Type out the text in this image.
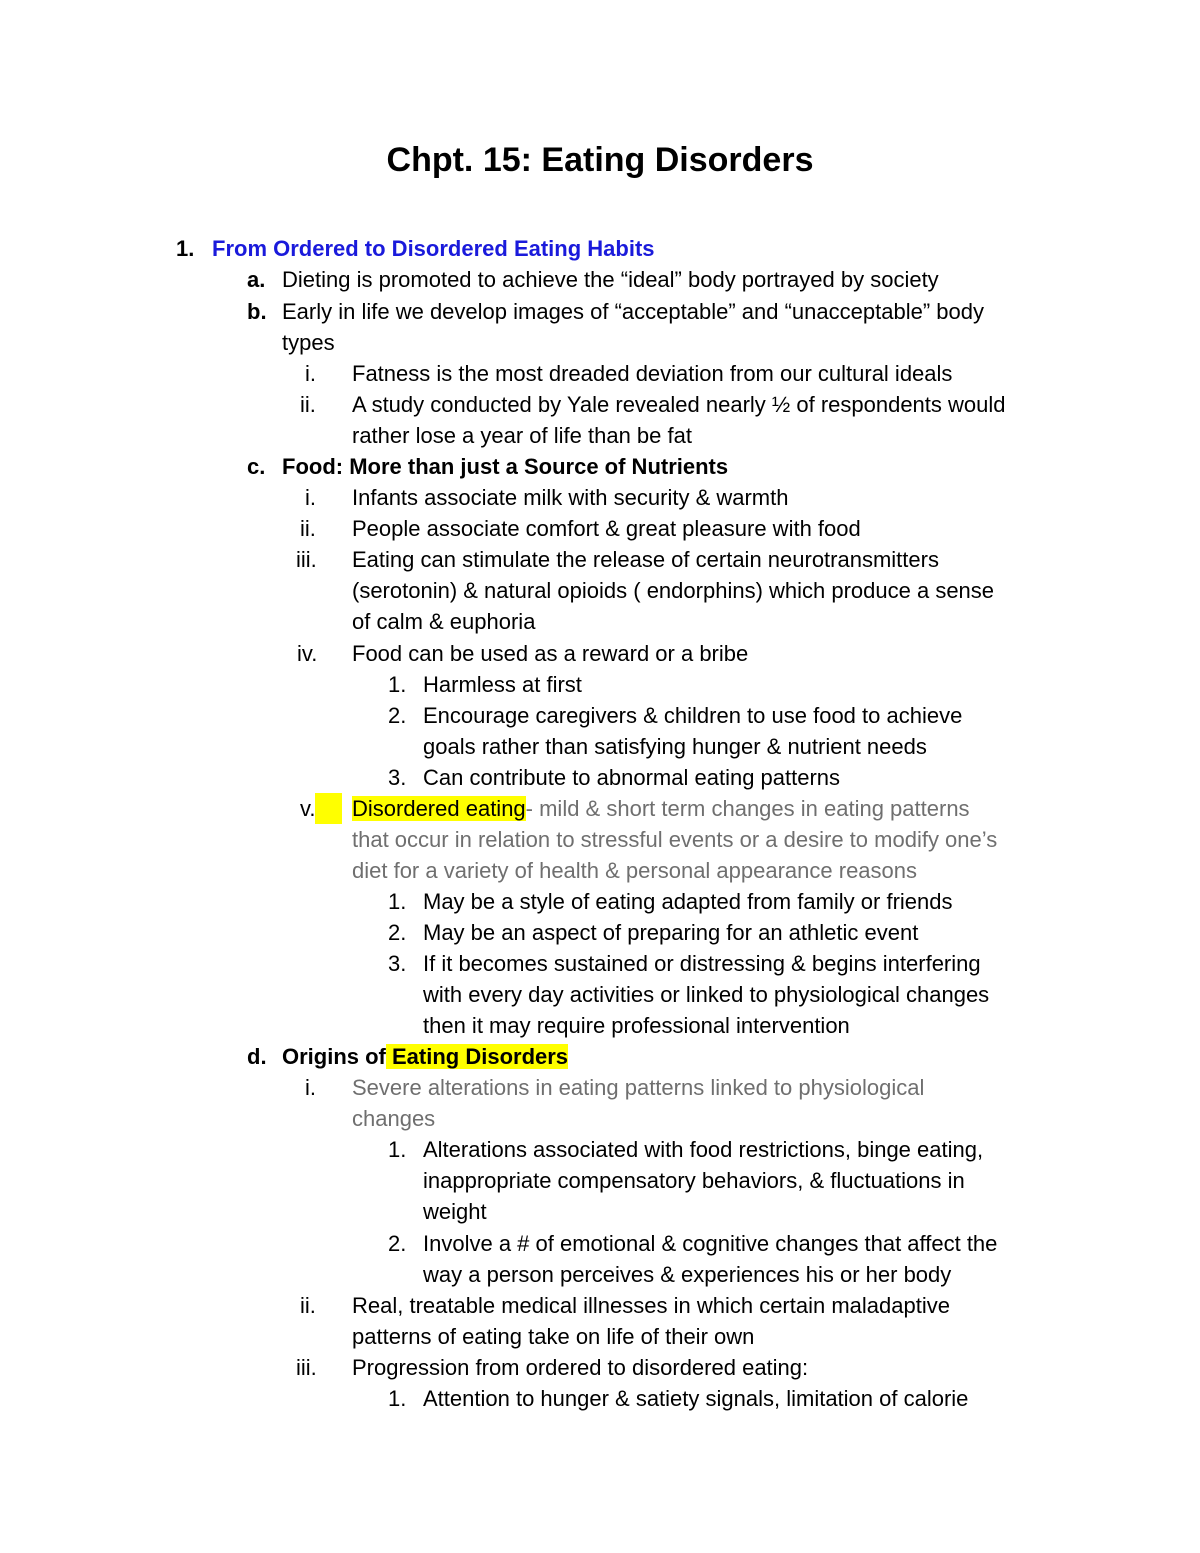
Chpt. 15: Eating Disorders
1. From Ordered to Disordered Eating Habits
a. Dieting is promoted to achieve the “ideal” body portrayed by society
b. Early in life we develop images of “acceptable” and “unacceptable” body
types
i. Fatness is the most dreaded deviation from our cultural ideals
ii. A study conducted by Yale revealed nearly ½ of respondents would
rather lose a year of life than be fat
c. Food: More than just a Source of Nutrients
i. Infants associate milk with security & warmth
ii. People associate comfort & great pleasure with food
iii. Eating can stimulate the release of certain neurotransmitters
(serotonin) & natural opioids ( endorphins) which produce a sense
of calm & euphoria
iv. Food can be used as a reward or a bribe
1. Harmless at first
2. Encourage caregivers & children to use food to achieve
goals rather than satisfying hunger & nutrient needs
3. Can contribute to abnormal eating patterns
v.	Disordered eating- mild & short term changes in eating patterns
that occur in relation to stressful events or a desire to modify one’s
diet for a variety of health & personal appearance reasons
1. May be a style of eating adapted from family or friends
2. May be an aspect of preparing for an athletic event
3. If it becomes sustained or distressing & begins interfering
with every day activities or linked to physiological changes
then it may require professional intervention
d. Origins of Eating Disorders
i. Severe alterations in eating patterns linked to physiological
changes
1. Alterations associated with food restrictions, binge eating,
inappropriate compensatory behaviors, & fluctuations in
weight
2. Involve a # of emotional & cognitive changes that affect the
way a person perceives & experiences his or her body
ii. Real, treatable medical illnesses in which certain maladaptive
patterns of eating take on life of their own
iii. Progression from ordered to disordered eating:
1. Attention to hunger & satiety signals, limitation of calorie
